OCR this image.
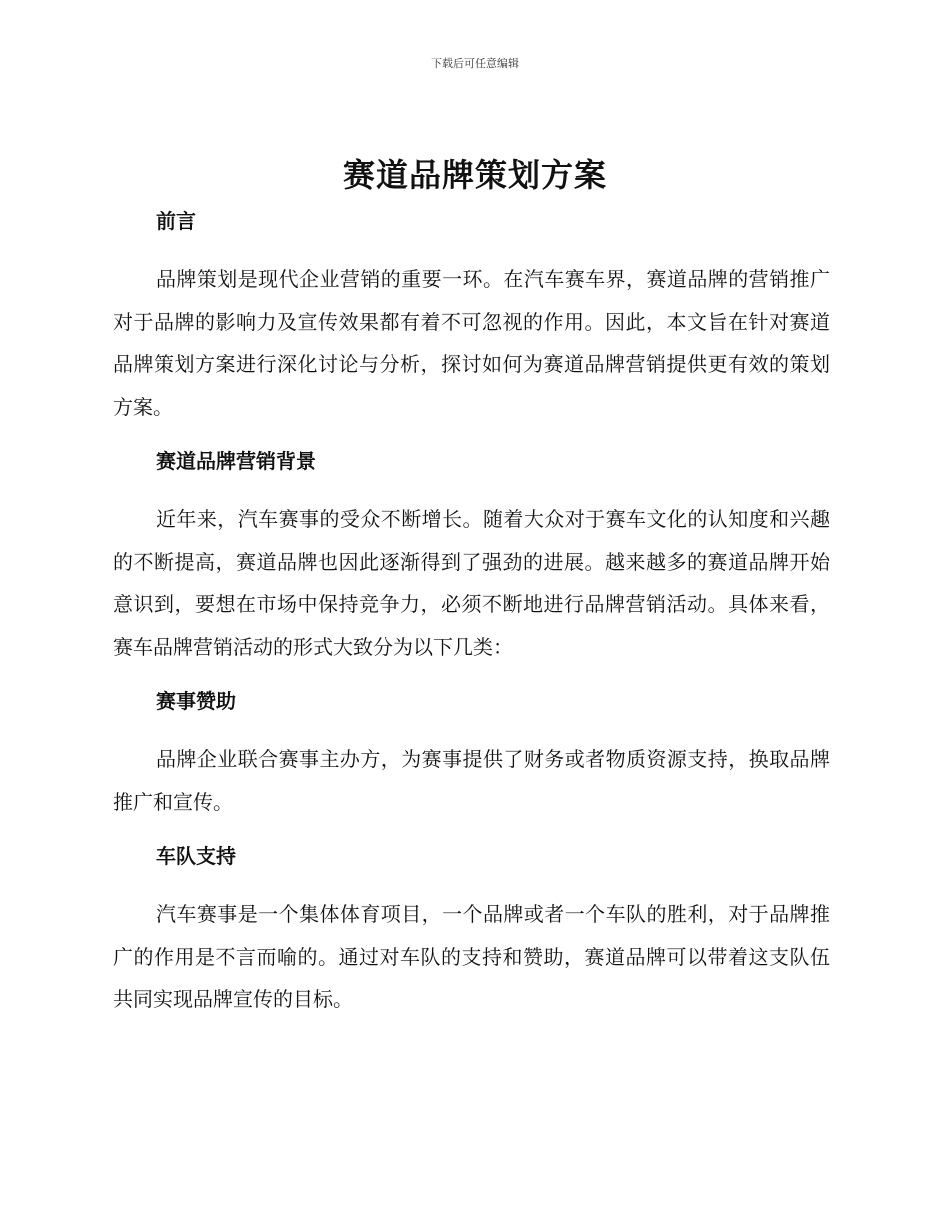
下载后可任意编辑
赛道品牌策划方案
前言

品牌策划是现代企业营销的重要一环。在汽车赛车界，赛道品牌的营销推广对于品牌的影响力及宣传效果都有着不可忽视的作用。因此，本文旨在针对赛道品牌策划方案进行深化讨论与分析，探讨如何为赛道品牌营销提供更有效的策划方案。

赛道品牌营销背景

近年来，汽车赛事的受众不断增长。随着大众对于赛车文化的认知度和兴趣的不断提高，赛道品牌也因此逐渐得到了强劲的进展。越来越多的赛道品牌开始意识到，要想在市场中保持竞争力，必须不断地进行品牌营销活动。具体来看，赛车品牌营销活动的形式大致分为以下几类：

赛事赞助

品牌企业联合赛事主办方，为赛事提供了财务或者物质资源支持，换取品牌推广和宣传。

车队支持

汽车赛事是一个集体体育项目，一个品牌或者一个车队的胜利，对于品牌推广的作用是不言而喻的。通过对车队的支持和赞助，赛道品牌可以带着这支队伍共同实现品牌宣传的目标。
